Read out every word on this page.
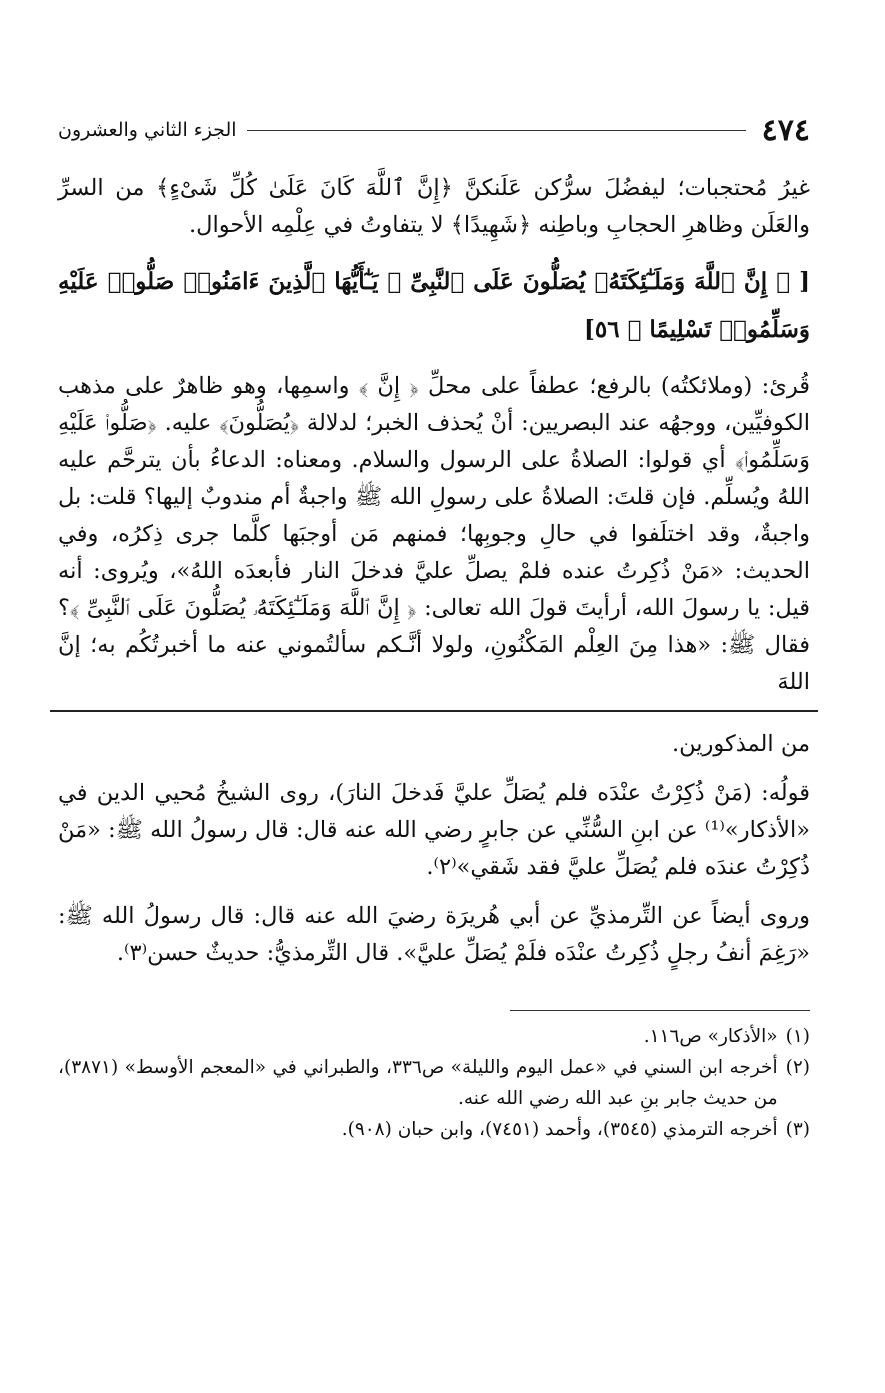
٤٧٤
الجزء الثاني والعشرون

غيرُ مُحتجبات؛ ليفضُلَ سرُّكن عَلَنكنَّ ﴿إِنَّ ٱللَّهَ كَانَ عَلَىٰ كُلِّ شَىْءٍ﴾ من السرِّ والعَلَن وظاهرِ الحجابِ وباطِنه ﴿شَهِيدًا﴾ لا يتفاوتُ في عِلْمِه الأحوال.

[ ﴿ إِنَّ ٱللَّهَ وَمَلَـٰٓئِكَتَهُۥ يُصَلُّونَ عَلَى ٱلنَّبِىِّ ۚ يَـٰٓأَيُّهَا ٱلَّذِينَ ءَامَنُوا۟ صَلُّوا۟ عَلَيْهِ وَسَلِّمُوا۟ تَسْلِيمًا ﴾ ٥٦]

قُرئ: (وملائكتُه) بالرفع؛ عطفاً على محلِّ ﴿ إِنَّ ﴾ واسمِها، وهو ظاهرٌ على مذهب الكوفيِّين، ووجهُه عند البصريين: أنْ يُحذف الخبر؛ لدلالة ﴿يُصَلُّونَ﴾ عليه. ﴿صَلُّوا۟ عَلَيْهِ وَسَلِّمُوا۟﴾ أي قولوا: الصلاةُ على الرسول والسلام. ومعناه: الدعاءُ بأن يترحَّم عليه اللهُ ويُسلِّم. فإن قلتَ: الصلاةُ على رسولِ الله ﷺ واجبةٌ أم مندوبٌ إليها؟ قلت: بل واجبةٌ، وقد اختلَفوا في حالِ وجوبِها؛ فمنهم مَن أوجبَها كلَّما جرى ذِكرُه، وفي الحديث: «مَنْ ذُكِرتُ عنده فلمْ يصلِّ عليَّ فدخلَ النار فأبعدَه اللهُ»، ويُروى: أنه قيل: يا رسولَ الله، أرأيتَ قولَ الله تعالى: ﴿ إِنَّ ٱللَّهَ وَمَلَـٰٓئِكَتَهُۥ يُصَلُّونَ عَلَى ٱلنَّبِىِّ ﴾؟ فقال ﷺ: «هذا مِنَ العِلْم المَكْنُونِ، ولولا أنَّـكم سألتُموني عنه ما أخبرتُكُم به؛ إنَّ اللهَ

من المذكورين.

قولُه: (مَنْ ذُكِرْتُ عنْدَه فلم يُصَلِّ عليَّ فَدخلَ النارَ)، روى الشيخُ مُحيي الدين في «الأذكار»⁽¹⁾ عن ابنِ السُّنِّي عن جابرٍ رضي الله عنه قال: قال رسولُ الله ﷺ: «مَنْ ذُكِرْتُ عندَه فلم يُصَلِّ عليَّ فقد شَقي»⁽٢⁾.

وروى أيضاً عن التِّرمذيِّ عن أبي هُريرَة رضيَ الله عنه قال: قال رسولُ الله ﷺ: «رَغِمَ أنفُ رجلٍ ذُكِرتُ عنْدَه فلَمْ يُصَلِّ عليَّ». قال التِّرمذيُّ: حديثٌ حسن⁽٣⁾.

(١)
«الأذكار» ص١١٦.
(٢)
أخرجه ابن السني في «عمل اليوم والليلة» ص٣٣٦، والطبراني في «المعجم الأوسط» (٣٨٧١)، من حديث جابر بنِ عبد الله رضي الله عنه.
(٣)
أخرجه الترمذي (٣٥٤٥)، وأحمد (٧٤٥١)، وابن حبان (٩٠٨).
